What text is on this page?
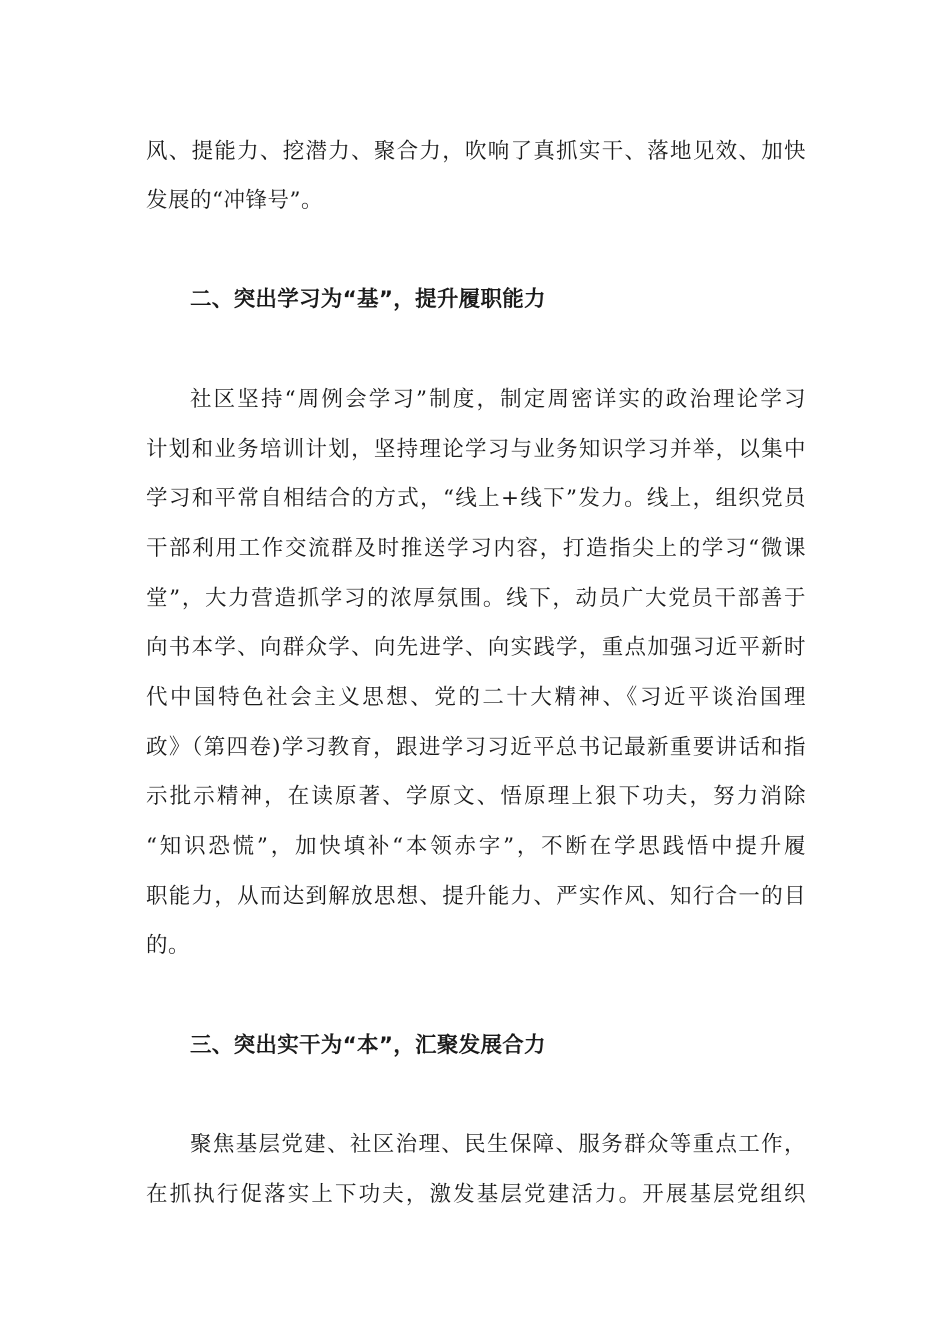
风、提能力、挖潜力、聚合力，吹响了真抓实干、落地见效、加快
发展的“冲锋号”。
二、突出学习为“基”，提升履职能力
社区坚持“周例会学习”制度，制定周密详实的政治理论学习
计划和业务培训计划，坚持理论学习与业务知识学习并举，以集中
学习和平常自相结合的方式，“线上+线下”发力。线上，组织党员
干部利用工作交流群及时推送学习内容，打造指尖上的学习“微课
堂”，大力营造抓学习的浓厚氛围。线下，动员广大党员干部善于
向书本学、向群众学、向先进学、向实践学，重点加强习近平新时
代中国特色社会主义思想、党的二十大精神、《习近平谈治国理
政》（第四卷)学习教育，跟进学习习近平总书记最新重要讲话和指
示批示精神，在读原著、学原文、悟原理上狠下功夫，努力消除
“知识恐慌”，加快填补“本领赤字”，不断在学思践悟中提升履
职能力，从而达到解放思想、提升能力、严实作风、知行合一的目
的。
三、突出实干为“本”，汇聚发展合力
聚焦基层党建、社区治理、民生保障、服务群众等重点工作，
在抓执行促落实上下功夫，激发基层党建活力。开展基层党组织
